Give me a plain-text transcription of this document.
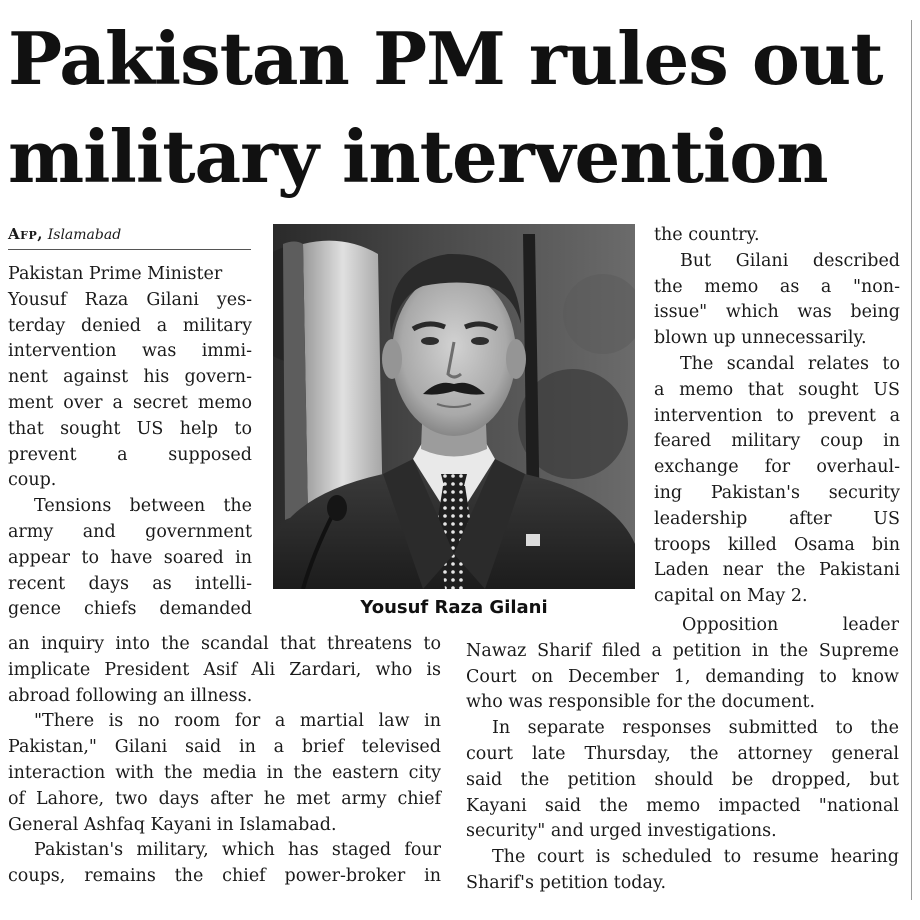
Pakistan PM rules out
military intervention
Afp, Islamabad
Pakistan Prime Minister
Yousuf Raza Gilani yes-
terday denied a military
intervention was immi-
nent against his govern-
ment over a secret memo
that sought US help to
prevent a supposed
coup.
Tensions between the
army and government
appear to have soared in
recent days as intelli-
gence chiefs demanded	Yousuf Raza Gilani
the country.
But Gilani described
the memo as a "non-
issue" which was being
blown up unnecessarily.
The scandal relates to
a memo that sought US
intervention to prevent a
feared military coup in
exchange for overhaul-
ing Pakistan's security
leadership after US
troops killed Osama bin
Laden near the Pakistani
capital on May 2.
an inquiry into the scandal that threatens to
implicate President Asif Ali Zardari, who is
abroad following an illness.
"There is no room for a martial law in
Pakistan," Gilani said in a brief televised
interaction with the media in the eastern city
of Lahore, two days after he met army chief
General Ashfaq Kayani in Islamabad.
Pakistan's military, which has staged four
coups, remains the chief power-broker in
Opposition leader
Nawaz Sharif filed a petition in the Supreme
Court on December 1, demanding to know
who was responsible for the document.
In separate responses submitted to the
court late Thursday, the attorney general
said the petition should be dropped, but
Kayani said the memo impacted "national
security" and urged investigations.
The court is scheduled to resume hearing
Sharif's petition today.
